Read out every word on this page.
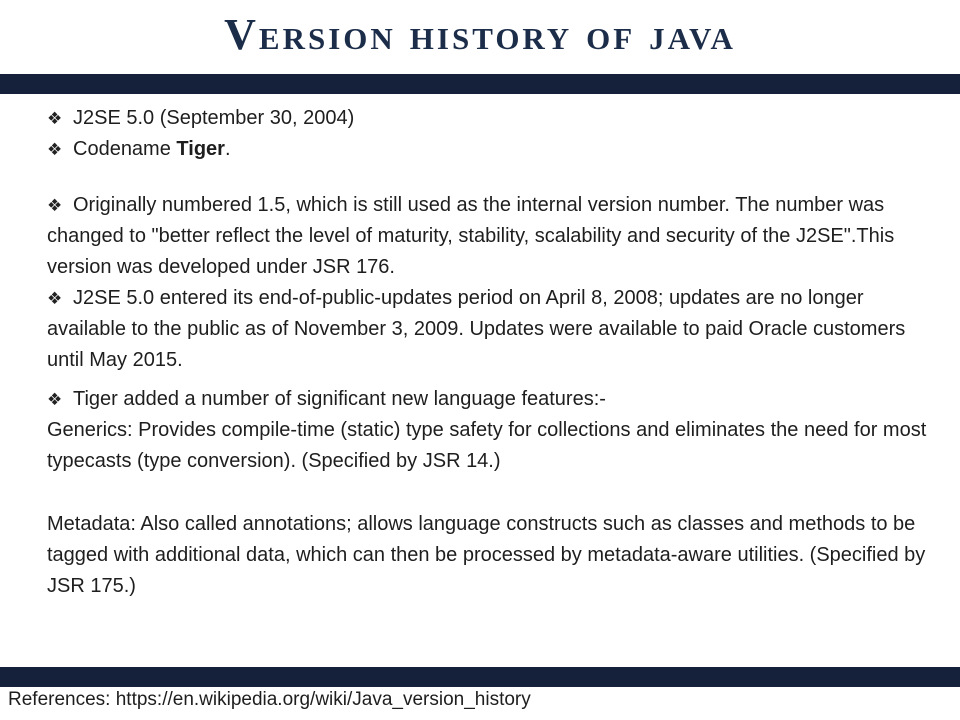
Version history of java

❖ J2SE 5.0 (September 30, 2004)

❖ Codename Tiger.

❖ Originally numbered 1.5, which is still used as the internal version number. The number was changed to "better reflect the level of maturity, stability, scalability and security of the J2SE".This version was developed under JSR 176.

❖ J2SE 5.0 entered its end-of-public-updates period on April 8, 2008; updates are no longer available to the public as of November 3, 2009. Updates were available to paid Oracle customers until May 2015.

❖ Tiger added a number of significant new language features:-

Generics: Provides compile-time (static) type safety for collections and eliminates the need for most typecasts (type conversion). (Specified by JSR 14.)

Metadata: Also called annotations; allows language constructs such as classes and methods to be tagged with additional data, which can then be processed by metadata-aware utilities. (Specified by JSR 175.)

References: https://en.wikipedia.org/wiki/Java_version_history
